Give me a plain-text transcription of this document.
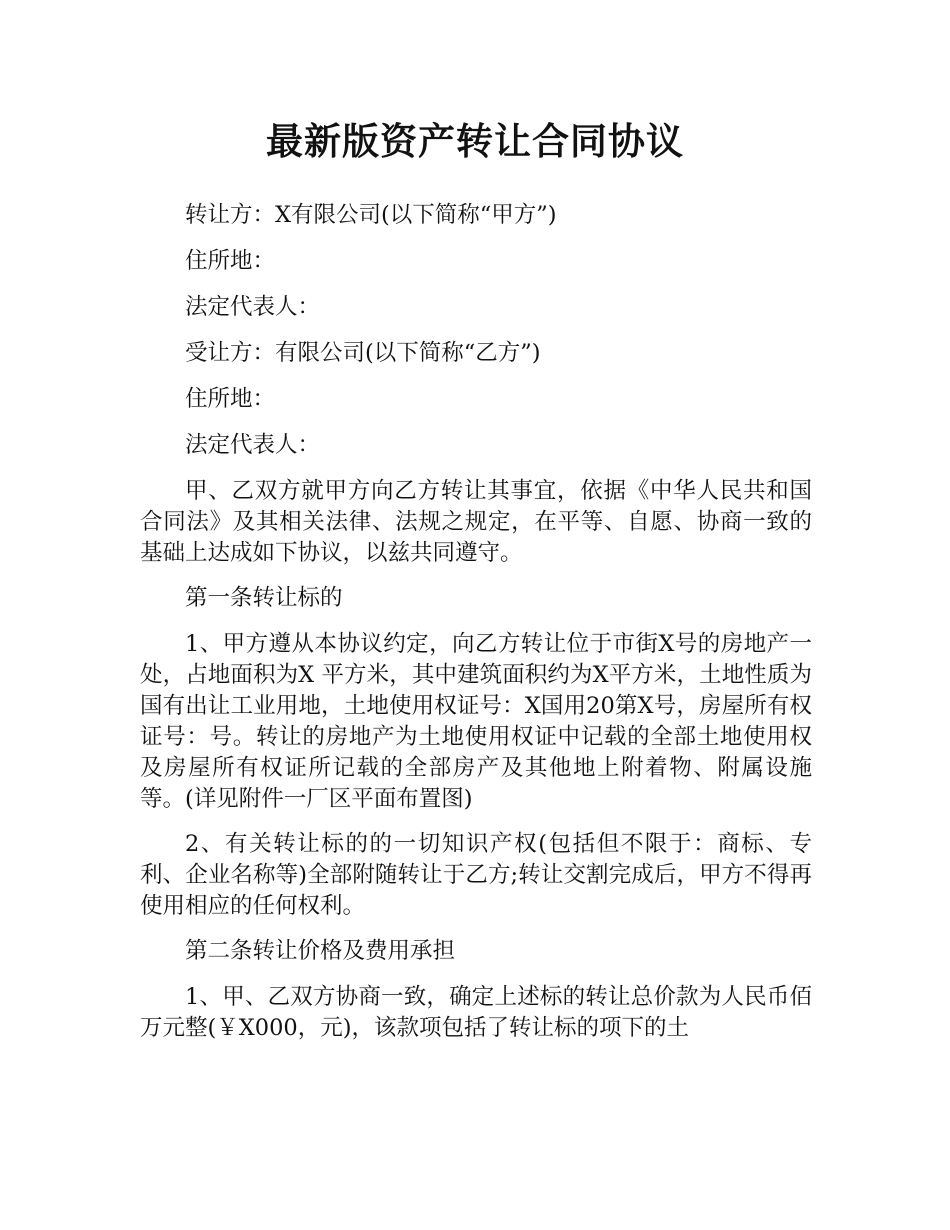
最新版资产转让合同协议

转让方：X有限公司(以下简称“甲方”)

住所地：

法定代表人：

受让方：有限公司(以下简称“乙方”)

住所地：

法定代表人：

甲、乙双方就甲方向乙方转让其事宜，依据《中华人民共和国合同法》及其相关法律、法规之规定，在平等、自愿、协商一致的基础上达成如下协议，以兹共同遵守。

第一条转让标的

1、甲方遵从本协议约定，向乙方转让位于市街X号的房地产一处，占地面积为X 平方米，其中建筑面积约为X平方米，土地性质为国有出让工业用地，土地使用权证号：X国用20第X号，房屋所有权证号：号。转让的房地产为土地使用权证中记载的全部土地使用权及房屋所有权证所记载的全部房产及其他地上附着物、附属设施等。(详见附件一厂区平面布置图)

2、有关转让标的的一切知识产权(包括但不限于：商标、专利、企业名称等)全部附随转让于乙方;转让交割完成后，甲方不得再使用相应的任何权利。

第二条转让价格及费用承担

1、甲、乙双方协商一致，确定上述标的转让总价款为人民币佰万元整(￥X000，元)，该款项包括了转让标的项下的土
